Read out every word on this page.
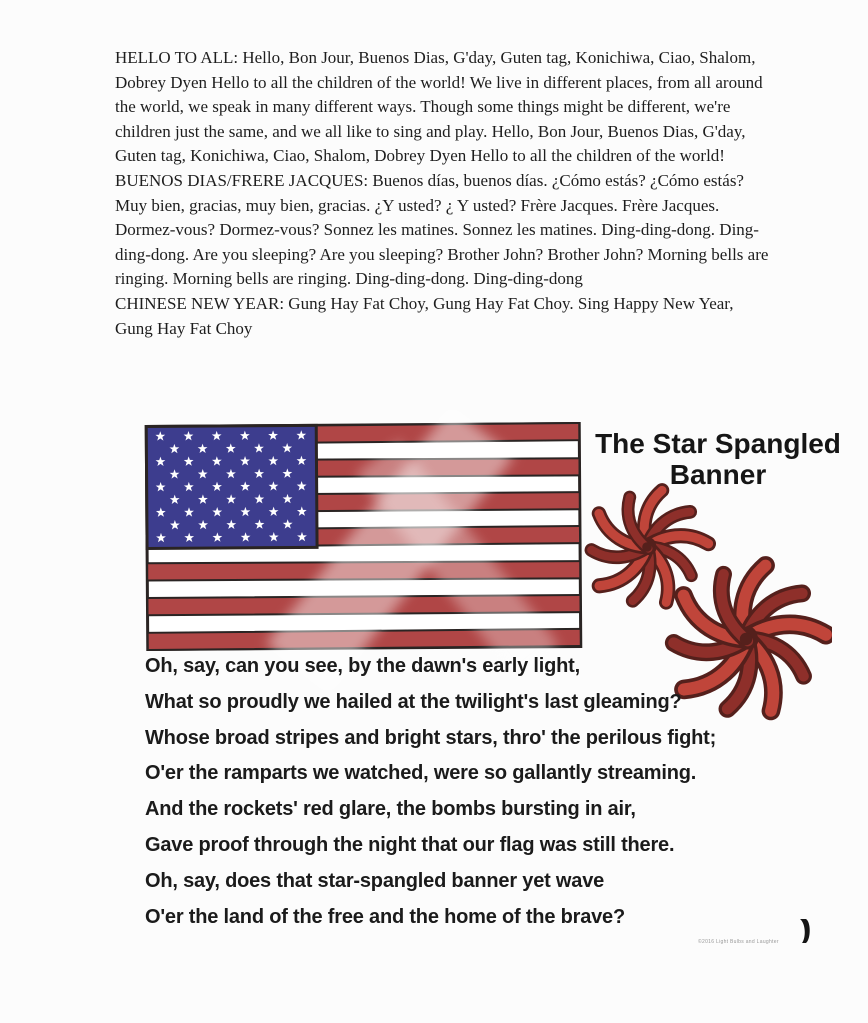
HELLO TO ALL: Hello, Bon Jour, Buenos Dias, G'day, Guten tag, Konichiwa, Ciao, Shalom, Dobrey Dyen Hello to all the children of the world! We live in different places, from all around the world, we speak in many different ways. Though some things might be different, we're children just the same, and we all like to sing and play. Hello, Bon Jour, Buenos Dias, G'day, Guten tag, Konichiwa, Ciao, Shalom, Dobrey Dyen Hello to all the children of the world!

BUENOS DIAS/FRERE JACQUES: Buenos días, buenos días. ¿Cómo estás? ¿Cómo estás? Muy bien, gracias, muy bien, gracias. ¿Y usted? ¿ Y usted? Frère Jacques. Frère Jacques. Dormez-vous? Dormez-vous? Sonnez les matines. Sonnez les matines. Ding-ding-dong. Ding-ding-dong. Are you sleeping? Are you sleeping? Brother John? Brother John? Morning bells are ringing. Morning bells are ringing. Ding-ding-dong. Ding-ding-dong

CHINESE NEW YEAR: Gung Hay Fat Choy, Gung Hay Fat Choy. Sing Happy New Year, Gung Hay Fat Choy

The Star Spangled Banner
Oh, say, can you see, by the dawn's early light,
What so proudly we hailed at the twilight's last gleaming?
Whose broad stripes and bright stars, thro' the perilous fight;
O'er the ramparts we watched, were so gallantly streaming.
And the rockets' red glare, the bombs bursting in air,
Gave proof through the night that our flag was still there.
Oh, say, does that star-spangled banner yet wave
O'er the land of the free and the home of the brave?
©2016 Light Bulbs and Laughter
